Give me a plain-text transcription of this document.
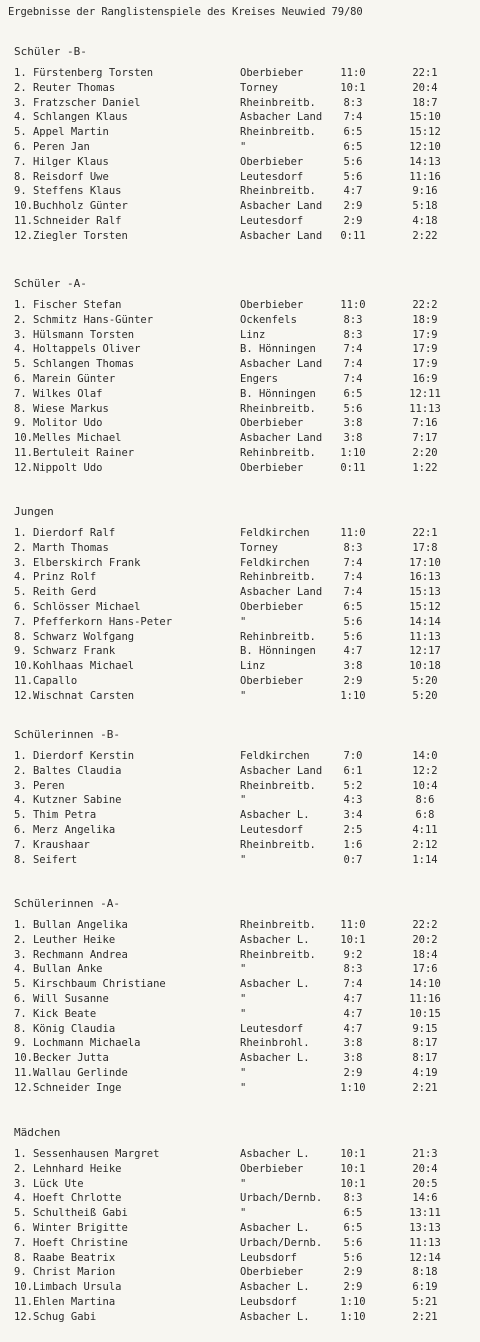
Ergebnisse der Ranglistenspiele des Kreises Neuwied 79/80
Schüler -B-
1. Fürstenberg Torsten	Oberbieber	11:0	22:1
2. Reuter Thomas	Torney	10:1	20:4
3. Fratzscher Daniel	Rheinbreitb.	8:3	18:7
4. Schlangen Klaus	Asbacher Land	7:4	15:10
5. Appel Martin	Rheinbreitb.	6:5	15:12
6. Peren Jan	"	6:5	12:10
7. Hilger Klaus	Oberbieber	5:6	14:13
8. Reisdorf Uwe	Leutesdorf	5:6	11:16
9. Steffens Klaus	Rheinbreitb.	4:7	9:16
10.Buchholz Günter	Asbacher Land	2:9	5:18
11.Schneider Ralf	Leutesdorf	2:9	4:18
12.Ziegler Torsten	Asbacher Land	0:11	2:22
Schüler -A-
1. Fischer Stefan	Oberbieber	11:0	22:2
2. Schmitz Hans-Günter	Ockenfels	8:3	18:9
3. Hülsmann Torsten	Linz	8:3	17:9
4. Holtappels Oliver	B. Hönningen	7:4	17:9
5. Schlangen Thomas	Asbacher Land	7:4	17:9
6. Marein Günter	Engers	7:4	16:9
7. Wilkes Olaf	B. Hönningen	6:5	12:11
8. Wiese Markus	Rheinbreitb.	5:6	11:13
9. Molitor Udo	Oberbieber	3:8	7:16
10.Melles Michael	Asbacher Land	3:8	7:17
11.Bertuleit Rainer	Rehinbreitb.	1:10	2:20
12.Nippolt Udo	Oberbieber	0:11	1:22
Jungen
1. Dierdorf Ralf	Feldkirchen	11:0	22:1
2. Marth Thomas	Torney	8:3	17:8
3. Elberskirch Frank	Feldkirchen	7:4	17:10
4. Prinz Rolf	Rehinbreitb.	7:4	16:13
5. Reith Gerd	Asbacher Land	7:4	15:13
6. Schlösser Michael	Oberbieber	6:5	15:12
7. Pfefferkorn Hans-Peter	"	5:6	14:14
8. Schwarz Wolfgang	Rehinbreitb.	5:6	11:13
9. Schwarz Frank	B. Hönningen	4:7	12:17
10.Kohlhaas Michael	Linz	3:8	10:18
11.Capallo	Oberbieber	2:9	5:20
12.Wischnat Carsten	"	1:10	5:20
Schülerinnen -B-
1. Dierdorf Kerstin	Feldkirchen	7:0	14:0
2. Baltes Claudia	Asbacher Land	6:1	12:2
3. Peren	Rheinbreitb.	5:2	10:4
4. Kutzner Sabine	"	4:3	8:6
5. Thim Petra	Asbacher L.	3:4	6:8
6. Merz Angelika	Leutesdorf	2:5	4:11
7. Kraushaar	Rheinbreitb.	1:6	2:12
8. Seifert	"	0:7	1:14
Schülerinnen -A-
1. Bullan Angelika	Rheinbreitb.	11:0	22:2
2. Leuther Heike	Asbacher L.	10:1	20:2
3. Rechmann Andrea	Rheinbreitb.	9:2	18:4
4. Bullan Anke	"	8:3	17:6
5. Kirschbaum Christiane	Asbacher L.	7:4	14:10
6. Will Susanne	"	4:7	11:16
7. Kick Beate	"	4:7	10:15
8. König Claudia	Leutesdorf	4:7	9:15
9. Lochmann Michaela	Rheinbrohl.	3:8	8:17
10.Becker Jutta	Asbacher L.	3:8	8:17
11.Wallau Gerlinde	"	2:9	4:19
12.Schneider Inge	"	1:10	2:21
Mädchen
1. Sessenhausen Margret	Asbacher L.	10:1	21:3
2. Lehnhard Heike	Oberbieber	10:1	20:4
3. Lück Ute	"	10:1	20:5
4. Hoeft Chrlotte	Urbach/Dernb.	8:3	14:6
5. Schultheiß Gabi	"	6:5	13:11
6. Winter Brigitte	Asbacher L.	6:5	13:13
7. Hoeft Christine	Urbach/Dernb.	5:6	11:13
8. Raabe Beatrix	Leubsdorf	5:6	12:14
9. Christ Marion	Oberbieber	2:9	8:18
10.Limbach Ursula	Asbacher L.	2:9	6:19
11.Ehlen Martina	Leubsdorf	1:10	5:21
12.Schug Gabi	Asbacher L.	1:10	2:21
